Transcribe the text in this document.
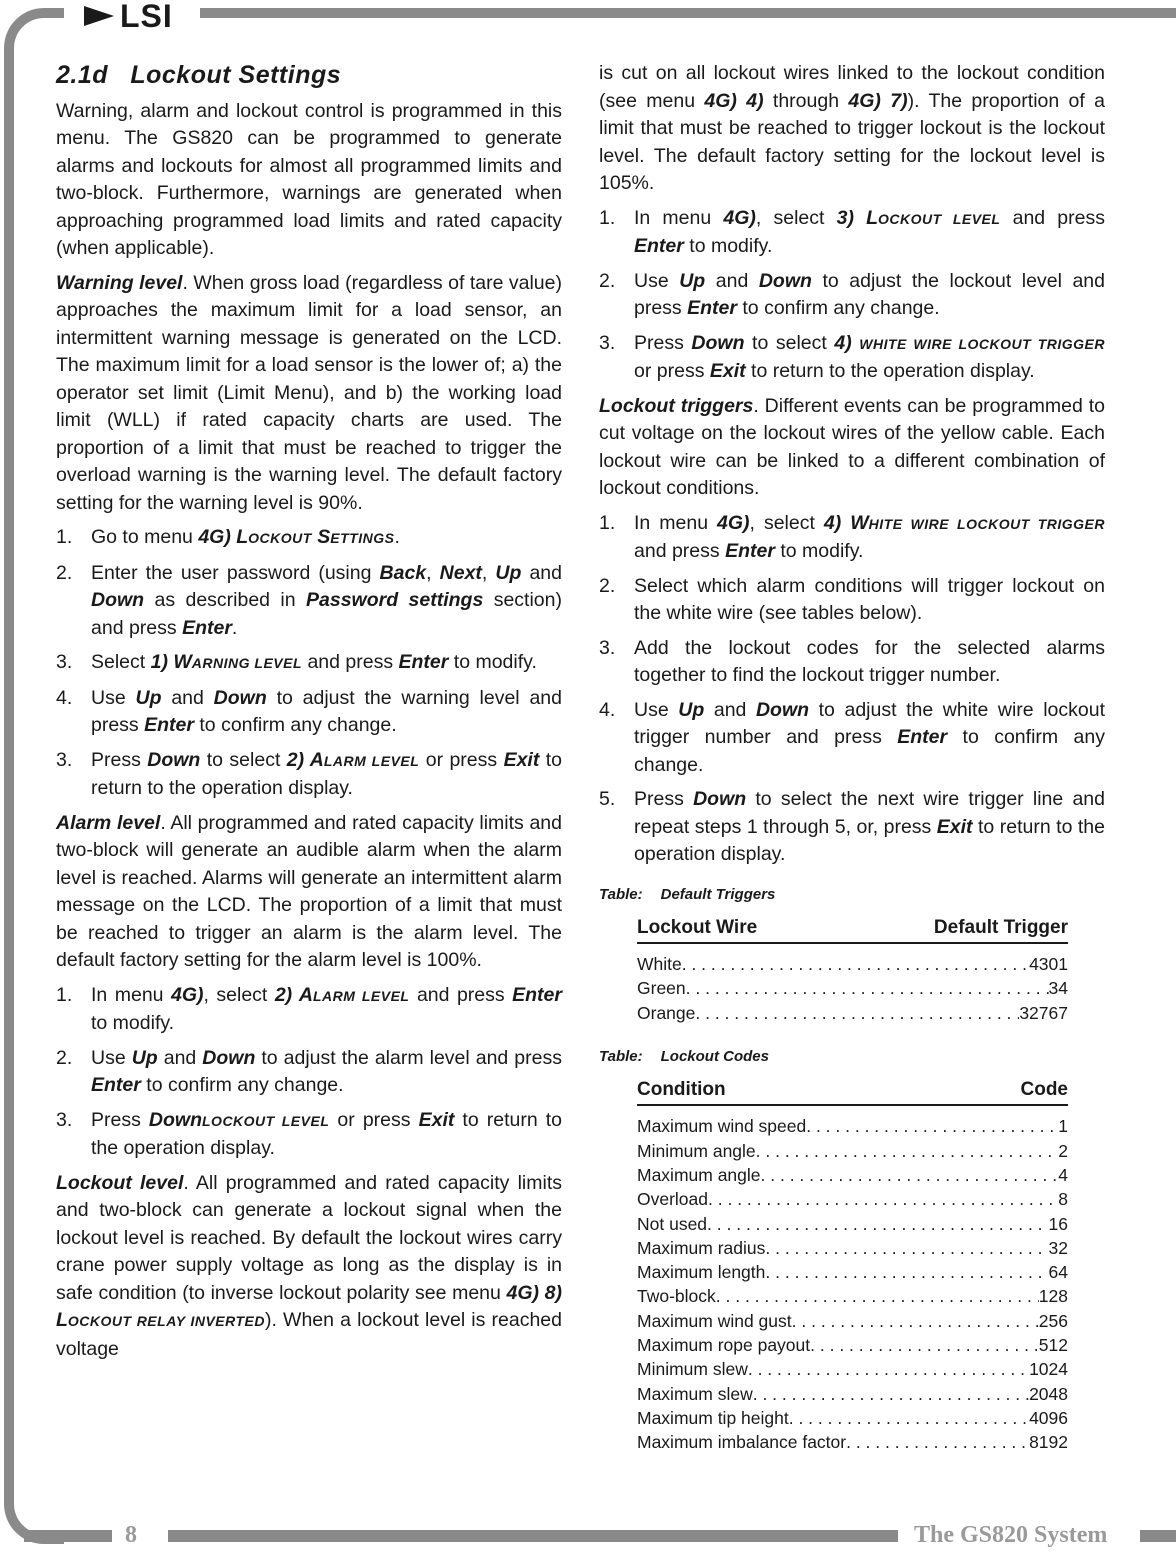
LSI
2.1d   Lockout Settings

Warning, alarm and lockout control is programmed in this menu. The GS820 can be programmed to generate alarms and lockouts for almost all programmed limits and two-block. Furthermore, warnings are generated when approaching programmed load limits and rated capacity (when applicable).

Warning level. When gross load (regardless of tare value) approaches the maximum limit for a load sensor, an intermittent warning message is generated on the LCD. The maximum limit for a load sensor is the lower of; a) the operator set limit (Limit Menu), and b) the working load limit (WLL) if rated capacity charts are used. The proportion of a limit that must be reached to trigger the overload warning is the warning level. The default factory setting for the warning level is 90%.

1. Go to menu 4G) LOCKOUT SETTINGS.
2. Enter the user password (using Back, Next, Up and Down as described in Password settings section) and press Enter.
3. Select 1) WARNING LEVEL and press Enter to modify.
4. Use Up and Down to adjust the warning level and press Enter to confirm any change.
3. Press Down to select 2) ALARM LEVEL or press Exit to return to the operation display.

Alarm level. All programmed and rated capacity limits and two-block will generate an audible alarm when the alarm level is reached. Alarms will generate an intermittent alarm message on the LCD. The proportion of a limit that must be reached to trigger an alarm is the alarm level. The default factory setting for the alarm level is 100%.

1. In menu 4G), select 2) ALARM LEVEL and press Enter to modify.
2. Use Up and Down to adjust the alarm level and press Enter to confirm any change.
3. Press DownLOCKOUT LEVEL or press Exit to return to the operation display.

Lockout level. All programmed and rated capacity limits and two-block can generate a lockout signal when the lockout level is reached. By default the lockout wires carry crane power supply voltage as long as the display is in safe condition (to inverse lockout polarity see menu 4G) 8) LOCKOUT RELAY INVERTED). When a lockout level is reached voltage

is cut on all lockout wires linked to the lockout condition (see menu 4G) 4) through 4G) 7)). The proportion of a limit that must be reached to trigger lockout is the lockout level. The default factory setting for the lockout level is 105%.

1. In menu 4G), select 3) LOCKOUT LEVEL and press Enter to modify.
2. Use Up and Down to adjust the lockout level and press Enter to confirm any change.
3. Press Down to select 4) WHITE WIRE LOCKOUT TRIGGER or press Exit to return to the operation display.

Lockout triggers. Different events can be programmed to cut voltage on the lockout wires of the yellow cable. Each lockout wire can be linked to a different combination of lockout conditions.

1. In menu 4G), select 4) WHITE WIRE LOCKOUT TRIGGER and press Enter to modify.
2. Select which alarm conditions will trigger lockout on the white wire (see tables below).
3. Add the lockout codes for the selected alarms together to find the lockout trigger number.
4. Use Up and Down to adjust the white wire lockout trigger number and press Enter to confirm any change.
5. Press Down to select the next wire trigger line and repeat steps 1 through 5, or, press Exit to return to the operation display.
Table: Default Triggers
Lockout Wire	Default Trigger
White . . .	4301
Green . . .	34
Orange . . .	32767
Table: Lockout Codes
Condition	Code
Maximum wind speed . . .	1
Minimum angle . . .	2
Maximum angle . . .	4
Overload . . .	8
Not used . . .	16
Maximum radius . . .	32
Maximum length . . .	64
Two-block . . .	128
Maximum wind gust . . .	256
Maximum rope payout . . .	512
Minimum slew . . .	1024
Maximum slew . . .	2048
Maximum tip height . . .	4096
Maximum imbalance factor . . .	8192
8	The GS820 System
